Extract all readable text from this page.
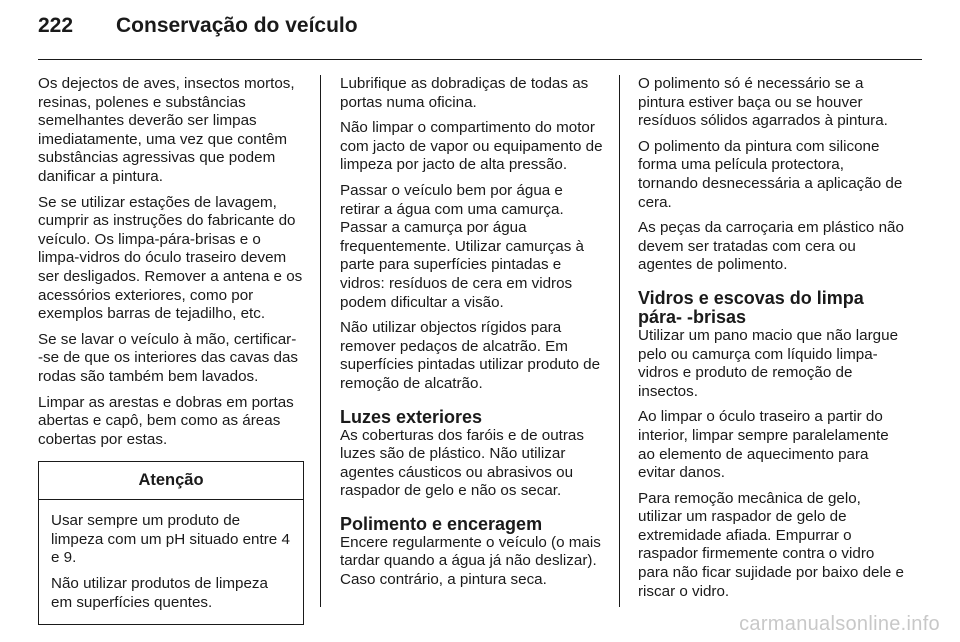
222	Conservação do veículo

Os dejectos de aves, insectos mortos, resinas, polenes e substâncias semelhantes deverão ser limpas imediatamente, uma vez que contêm substâncias agressivas que podem danificar a pintura.

Se se utilizar estações de lavagem, cumprir as instruções do fabricante do veículo. Os limpa-pára-brisas e o limpa-vidros do óculo traseiro devem ser desligados. Remover a antena e os acessórios exteriores, como por exemplos barras de tejadilho, etc.

Se se lavar o veículo à mão, certificar- -se de que os interiores das cavas das rodas são também bem lavados.

Limpar as arestas e dobras em portas abertas e capô, bem como as áreas cobertas por estas.

Atenção

Usar sempre um produto de limpeza com um pH situado entre 4 e 9.

Não utilizar produtos de limpeza em superfícies quentes.

Lubrifique as dobradiças de todas as portas numa oficina.

Não limpar o compartimento do motor com jacto de vapor ou equipamento de limpeza por jacto de alta pressão.

Passar o veículo bem por água e retirar a água com uma camurça. Passar a camurça por água frequentemente. Utilizar camurças à parte para superfícies pintadas e vidros: resíduos de cera em vidros podem dificultar a visão.

Não utilizar objectos rígidos para remover pedaços de alcatrão. Em superfícies pintadas utilizar produto de remoção de alcatrão.

Luzes exteriores

As coberturas dos faróis e de outras luzes são de plástico. Não utilizar agentes cáusticos ou abrasivos ou raspador de gelo e não os secar.

Polimento e enceragem

Encere regularmente o veículo (o mais tardar quando a água já não deslizar). Caso contrário, a pintura seca.

O polimento só é necessário se a pintura estiver baça ou se houver resíduos sólidos agarrados à pintura.

O polimento da pintura com silicone forma uma película protectora, tornando desnecessária a aplicação de cera.

As peças da carroçaria em plástico não devem ser tratadas com cera ou agentes de polimento.

Vidros e escovas do limpa pára- -brisas

Utilizar um pano macio que não largue pelo ou camurça com líquido limpa-vidros e produto de remoção de insectos.

Ao limpar o óculo traseiro a partir do interior, limpar sempre paralelamente ao elemento de aquecimento para evitar danos.

Para remoção mecânica de gelo, utilizar um raspador de gelo de extremidade afiada. Empurrar o raspador firmemente contra o vidro para não ficar sujidade por baixo dele e riscar o vidro.

carmanualsonline.info
